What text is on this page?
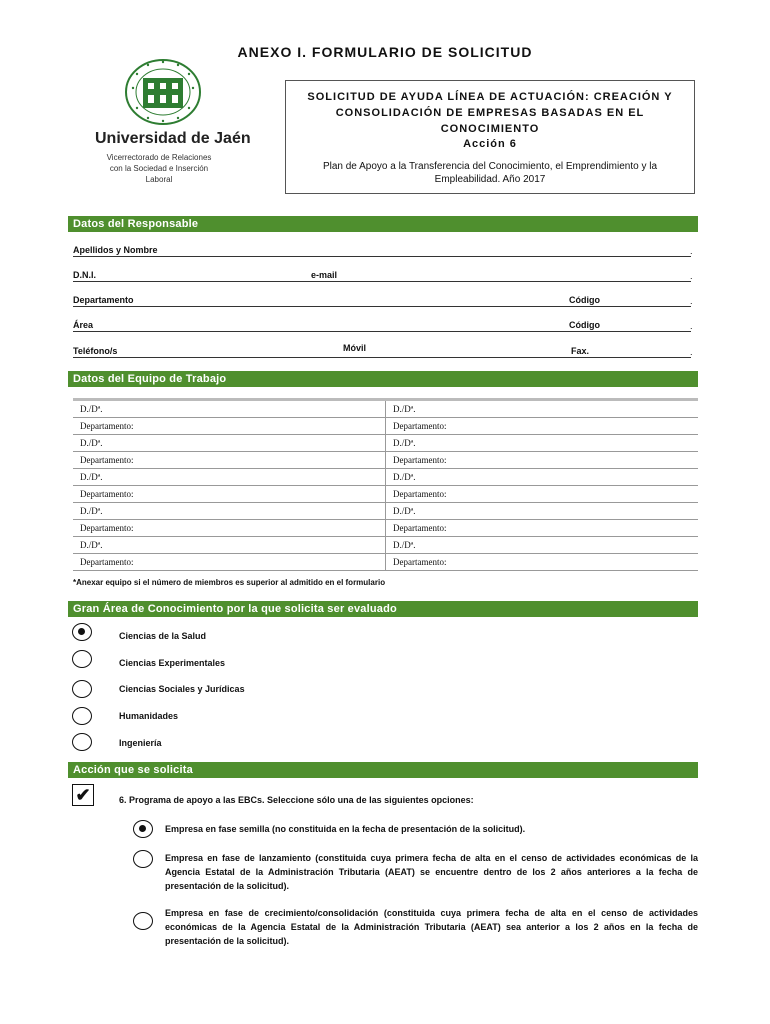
ANEXO I. FORMULARIO DE SOLICITUD
Universidad de Jaén
Vicerrectorado de Relaciones
con la Sociedad e Inserción
Laboral
SOLICITUD DE AYUDA LÍNEA DE ACTUACIÓN: CREACIÓN Y
CONSOLIDACIÓN DE EMPRESAS BASADAS EN EL
CONOCIMIENTO
Acción 6
Plan de Apoyo a la Transferencia del Conocimiento, el Emprendimiento y la Empleabilidad. Año 2017
Datos del Responsable
Apellidos y Nombre	.
D.N.I.	e-mail	.
Departamento	Código	.
Área	Código	.
Teléfono/s	Móvil	Fax.	.
Datos del Equipo de Trabajo
D./Dª.	D./Dª.
Departamento:	Departamento:
D./Dª.	D./Dª.
Departamento:	Departamento:
D./Dª.	D./Dª.
Departamento:	Departamento:
D./Dª.	D./Dª.
Departamento:	Departamento:
D./Dª.	D./Dª.
Departamento:	Departamento:
*Anexar equipo si el número de miembros es superior al admitido en el formulario
Gran Área de Conocimiento por la que solicita ser evaluado
Ciencias de la Salud
Ciencias Experimentales
Ciencias Sociales y Jurídicas
Humanidades
Ingeniería
Acción que se solicita
✔	6. Programa de apoyo a las EBCs. Seleccione sólo una de las siguientes opciones:
Empresa en fase semilla (no constituida en la fecha de presentación de la solicitud).
Empresa en fase de lanzamiento (constituida cuya primera fecha de alta en el censo de actividades económicas de la Agencia Estatal de la Administración Tributaria (AEAT) se encuentre dentro de los 2 años anteriores a la fecha de presentación de la solicitud).
Empresa en fase de crecimiento/consolidación (constituida cuya primera fecha de alta en el censo de actividades económicas de la Agencia Estatal de la Administración Tributaria (AEAT) sea anterior a los 2 años en la fecha de presentación de la solicitud).
